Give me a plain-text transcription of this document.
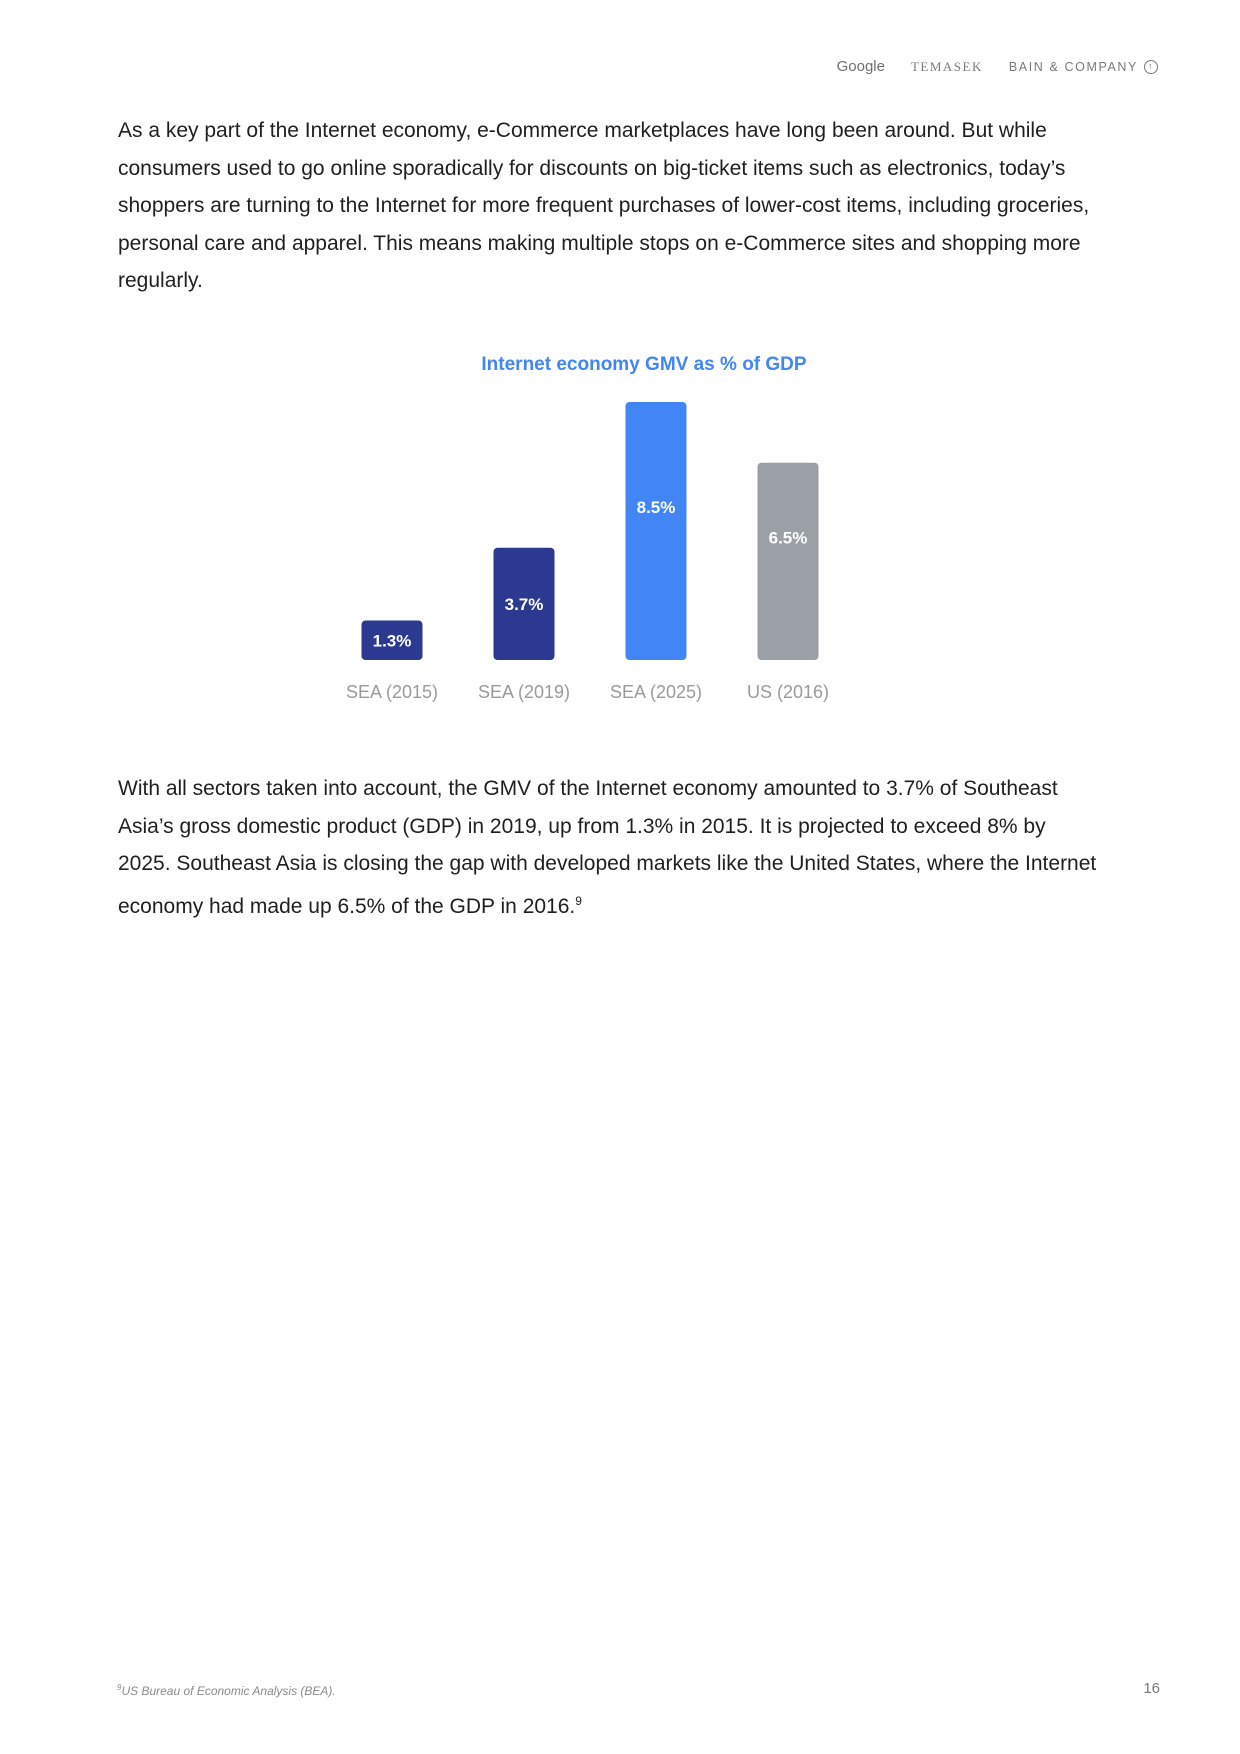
Google TEMASEK BAIN & COMPANY	↑

As a key part of the Internet economy, e-Commerce marketplaces have long been around. But while consumers used to go online sporadically for discounts on big-ticket items such as electronics, today’s shoppers are turning to the Internet for more frequent purchases of lower-cost items, including groceries, personal care and apparel. This means making multiple stops on e-Commerce sites and shopping more regularly.

Internet economy GMV as % of GDP
1.3%
SEA (2015)
3.7%
SEA (2019)
8.5%
SEA (2025)
6.5%
US (2016)

With all sectors taken into account, the GMV of the Internet economy amounted to 3.7% of Southeast Asia’s gross domestic product (GDP) in 2019, up from 1.3% in 2015. It is projected to exceed 8% by 2025. Southeast Asia is closing the gap with developed markets like the United States, where the Internet economy had made up 6.5% of the GDP in 2016.$^9$

$^9$US Bureau of Economic Analysis (BEA).	16
